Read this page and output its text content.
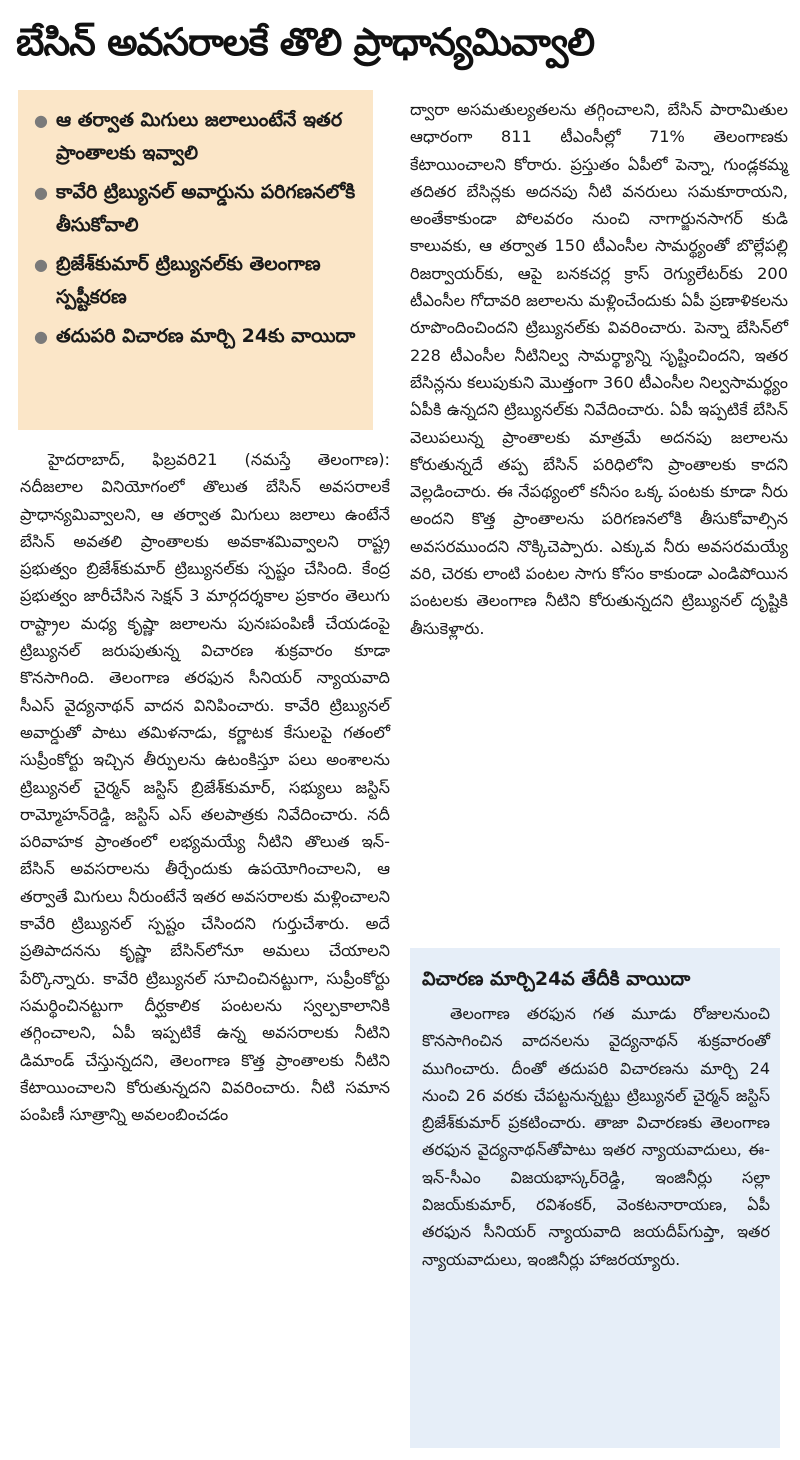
బేసిన్ అవసరాలకే తొలి ప్రాధాన్యమివ్వాలి
● ఆ తర్వాత మిగులు జలాలుంటేనే ఇతర ప్రాంతాలకు ఇవ్వాలి
● కావేరి ట్రిబ్యునల్ అవార్డును పరిగణనలోకి తీసుకోవాలి
● బ్రిజేశ్‌కుమార్ ట్రిబ్యునల్‌కు తెలంగాణ స్పష్టీకరణ
● తదుపరి విచారణ మార్చి 24కు వాయిదా

హైదరాబాద్, ఫిబ్రవరి21 (నమస్తే తెలంగాణ): నదీజలాల వినియోగంలో తొలుత బేసిన్ అవసరాలకే ప్రాధాన్యమివ్వాలని, ఆ తర్వాత మిగులు జలాలు ఉంటేనే బేసిన్ అవతలి ప్రాంతాలకు అవకాశమివ్వాలని రాష్ట్ర ప్రభుత్వం బ్రిజేశ్‌కుమార్ ట్రిబ్యునల్‌కు స్పష్టం చేసింది. కేంద్ర ప్రభుత్వం జారీచేసిన సెక్షన్ 3 మార్గదర్శకాల ప్రకారం తెలుగు రాష్ట్రాల మధ్య కృష్ణా జలాలను పునఃపంపిణీ చేయడంపై ట్రిబ్యునల్ జరుపుతున్న విచారణ శుక్రవారం కూడా కొనసాగింది. తెలంగాణ తరఫున సీనియర్ న్యాయవాది సీఎస్ వైద్యనాథన్ వాదన వినిపించారు. కావేరి ట్రిబ్యునల్ అవార్డుతో పాటు తమిళనాడు, కర్ణాటక కేసులపై గతంలో సుప్రీంకోర్టు ఇచ్చిన తీర్పులను ఉటంకిస్తూ పలు అంశాలను ట్రిబ్యునల్ చైర్మన్ జస్టిస్ బ్రిజేశ్‌కుమార్, సభ్యులు జస్టిస్ రామ్మోహన్‌రెడ్డి, జస్టిస్ ఎస్ తలపాత్రకు నివేదించారు. నదీ పరివాహక ప్రాంతంలో లభ్యమయ్యే నీటిని తొలుత ఇన్-బేసిన్ అవసరాలను తీర్చేందుకు ఉపయోగించాలని, ఆ తర్వాతే మిగులు నీరుంటేనే ఇతర అవసరాలకు మళ్లించాలని కావేరి ట్రిబ్యునల్ స్పష్టం చేసిందని గుర్తుచేశారు. అదే ప్రతిపాదనను కృష్ణా బేసిన్‌లోనూ అమలు చేయాలని పేర్కొన్నారు. కావేరి ట్రిబ్యునల్ సూచించినట్టుగా, సుప్రీంకోర్టు సమర్థించినట్టుగా దీర్ఘకాలిక పంటలను స్వల్పకాలానికి తగ్గించాలని, ఏపీ ఇప్పటికే ఉన్న అవసరాలకు నీటిని డిమాండ్ చేస్తున్నదని, తెలంగాణ కొత్త ప్రాంతాలకు నీటిని కేటాయించాలని కోరుతున్నదని వివరించారు. నీటి సమాన పంపిణీ సూత్రాన్ని అవలంబించడం

ద్వారా అసమతుల్యతలను తగ్గించాలని, బేసిన్ పారామితుల ఆధారంగా 811 టీఎంసీల్లో 71% తెలంగాణకు కేటాయించాలని కోరారు. ప్రస్తుతం ఏపీలో పెన్నా, గుండ్లకమ్మ తదితర బేసిన్లకు అదనపు నీటి వనరులు సమకూరాయని, అంతేకాకుండా పోలవరం నుంచి నాగార్జునసాగర్ కుడి కాలువకు, ఆ తర్వాత 150 టీఎంసీల సామర్థ్యంతో బొల్లేపల్లి రిజర్వాయర్‌కు, ఆపై బనకచర్ల క్రాస్ రెగ్యులేటర్‌కు 200 టీఎంసీల గోదావరి జలాలను మళ్లించేందుకు ఏపీ ప్రణాళికలను రూపొందించిందని ట్రిబ్యునల్‌కు వివరించారు. పెన్నా బేసిన్‌లో 228 టీఎంసీల నీటినిల్వ సామర్థ్యాన్ని సృష్టించిందని, ఇతర బేసిన్లను కలుపుకుని మొత్తంగా 360 టీఎంసీల నిల్వసామర్థ్యం ఏపీకి ఉన్నదని ట్రిబ్యునల్‌కు నివేదించారు. ఏపీ ఇప్పటికే బేసిన్ వెలుపలున్న ప్రాంతాలకు మాత్రమే అదనపు జలాలను కోరుతున్నదే తప్ప బేసిన్ పరిధిలోని ప్రాంతాలకు కాదని వెల్లడించారు. ఈ నేపథ్యంలో కనీసం ఒక్క పంటకు కూడా నీరు అందని కొత్త ప్రాంతాలను పరిగణనలోకి తీసుకోవాల్సిన అవసరముందని నొక్కిచెప్పారు. ఎక్కువ నీరు అవసరమయ్యే వరి, చెరకు లాంటి పంటల సాగు కోసం కాకుండా ఎండిపోయిన పంటలకు తెలంగాణ నీటిని కోరుతున్నదని ట్రిబ్యునల్ దృష్టికి తీసుకెళ్లారు.

విచారణ మార్చి24వ తేదీకి వాయిదా

తెలంగాణ తరఫున గత మూడు రోజులనుంచి కొనసాగించిన వాదనలను వైద్యనాథన్ శుక్రవారంతో ముగించారు. దీంతో తదుపరి విచారణను మార్చి 24 నుంచి 26 వరకు చేపట్టనున్నట్టు ట్రిబ్యునల్ చైర్మన్ జస్టిస్ బ్రిజేశ్‌కుమార్ ప్రకటించారు. తాజా విచారణకు తెలంగాణ తరఫున వైద్యనాథన్‌తోపాటు ఇతర న్యాయవాదులు, ఈ-ఇన్-సీఎం విజయభాస్కర్‌రెడ్డి, ఇంజినీర్లు సల్లా విజయ్‌కుమార్, రవిశంకర్, వెంకటనారాయణ, ఏపీ తరఫున సీనియర్ న్యాయవాది జయదీప్‌గుప్తా, ఇతర న్యాయవాదులు, ఇంజినీర్లు హాజరయ్యారు.
